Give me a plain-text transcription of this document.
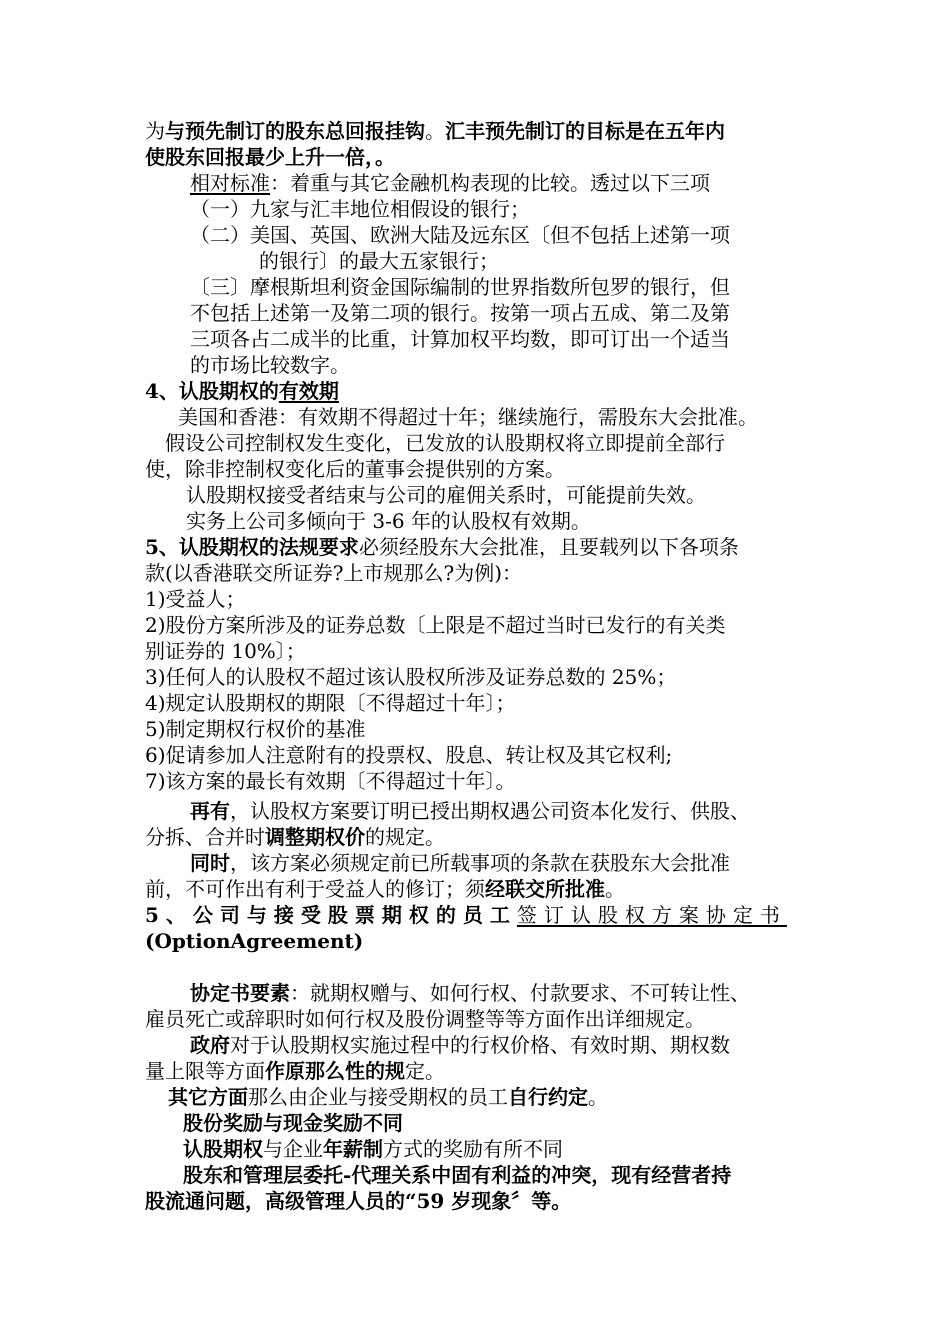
为与预先制订的股东总回报挂钩。汇丰预先制订的目标是在五年内
使股东回报最少上升一倍，。
相对标准：着重与其它金融机构表现的比较。透过以下三项
（一）九家与汇丰地位相假设的银行；
（二）美国、英国、欧洲大陆及远东区〔但不包括上述第一项
的银行〕的最大五家银行；
〔三〕摩根斯坦利资金国际编制的世界指数所包罗的银行，但
不包括上述第一及第二项的银行。按第一项占五成、第二及第
三项各占二成半的比重，计算加权平均数，即可订出一个适当
的市场比较数字。
4、认股期权的有效期
美国和香港：有效期不得超过十年；继续施行，需股东大会批准。
假设公司控制权发生变化，已发放的认股期权将立即提前全部行
使，除非控制权变化后的董事会提供别的方案。
认股期权接受者结束与公司的雇佣关系时，可能提前失效。
实务上公司多倾向于 3-6 年的认股权有效期。
5、认股期权的法规要求必须经股东大会批准，且要载列以下各项条
款(以香港联交所证券?上市规那么?为例)：
1)受益人；
2)股份方案所涉及的证券总数〔上限是不超过当时已发行的有关类
别证券的 10%〕；
3)任何人的认股权不超过该认股权所涉及证券总数的 25%；
4)规定认股期权的期限〔不得超过十年〕；
5)制定期权行权价的基准
6)促请参加人注意附有的投票权、股息、转让权及其它权利;
7)该方案的最长有效期〔不得超过十年〕。
再有，认股权方案要订明已授出期权遇公司资本化发行、供股、
分拆、合并时调整期权价的规定。
同时，该方案必须规定前已所载事项的条款在获股东大会批准
前，不可作出有利于受益人的修订；须经联交所批准。
5、公司与接受股票期权的员工签订认股权方案协定书
(OptionAgreement)
协定书要素：就期权赠与、如何行权、付款要求、不可转让性、
雇员死亡或辞职时如何行权及股份调整等等方面作出详细规定。
政府对于认股期权实施过程中的行权价格、有效时期、期权数
量上限等方面作原那么性的规定。
其它方面那么由企业与接受期权的员工自行约定。
股份奖励与现金奖励不同
认股期权与企业年薪制方式的奖励有所不同
股东和管理层委托-代理关系中固有利益的冲突，现有经营者持
股流通问题，高级管理人员的“59 岁现象〞等。
